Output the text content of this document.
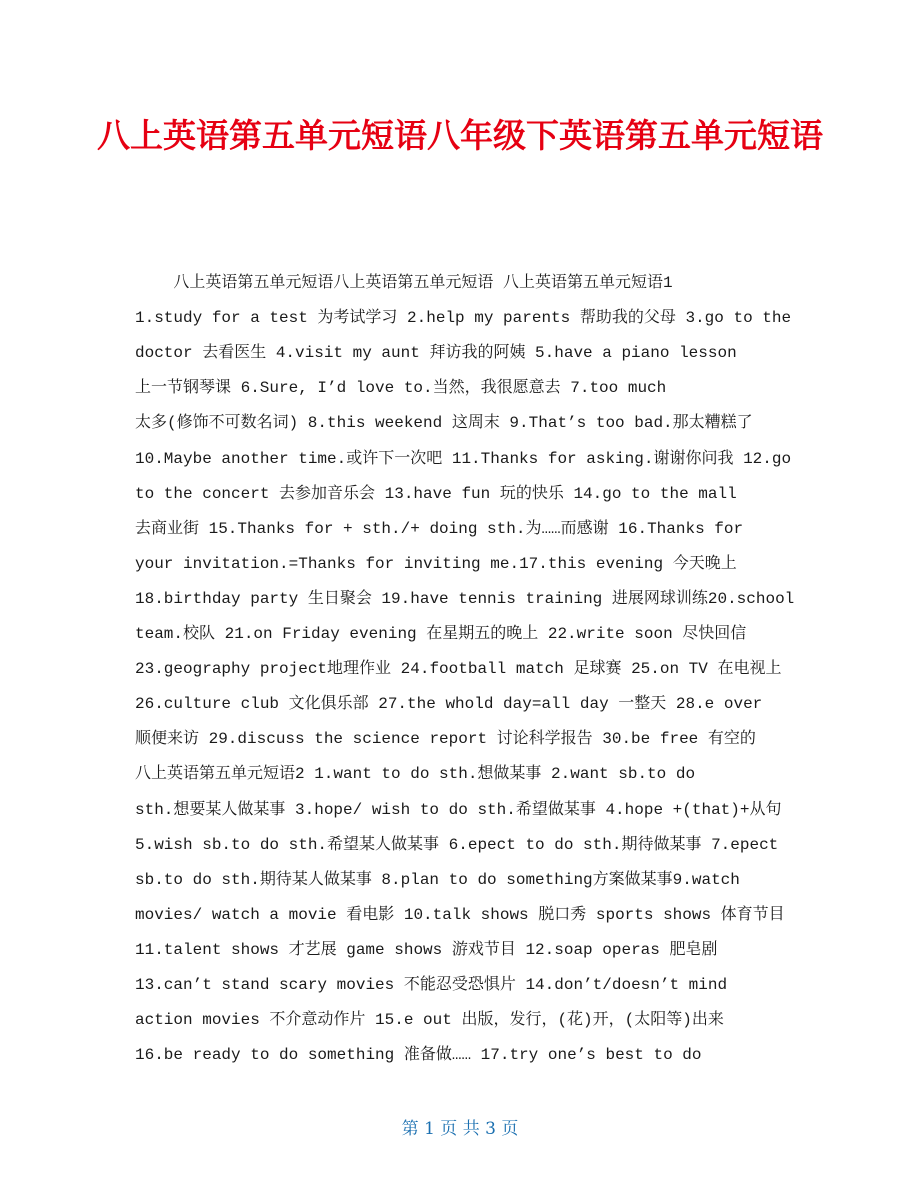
八上英语第五单元短语八年级下英语第五单元短语
八上英语第五单元短语八上英语第五单元短语 八上英语第五单元短语1
1.study for a test 为考试学习 2.help my parents 帮助我的父母 3.go to the
doctor 去看医生 4.visit my aunt 拜访我的阿姨 5.have a piano lesson
上一节钢琴课 6.Sure, I’d love to.当然，我很愿意去 7.too much
太多(修饰不可数名词) 8.this weekend 这周末 9.That’s too bad.那太糟糕了
10.Maybe another time.或许下一次吧 11.Thanks for asking.谢谢你问我 12.go
to the concert 去参加音乐会 13.have fun 玩的快乐 14.go to the mall
去商业街 15.Thanks for + sth./+ doing sth.为……而感谢 16.Thanks for
your invitation.=Thanks for inviting me.17.this evening 今天晚上
18.birthday party 生日聚会 19.have tennis training 进展网球训练20.school
team.校队 21.on Friday evening 在星期五的晚上 22.write soon 尽快回信
23.geography project地理作业 24.football match 足球赛 25.on TV 在电视上
26.culture club 文化俱乐部 27.the whold day=all day 一整天 28.e over
顺便来访 29.discuss the science report 讨论科学报告 30.be free 有空的
八上英语第五单元短语2 1.want to do sth.想做某事 2.want sb.to do
sth.想要某人做某事 3.hope/ wish to do sth.希望做某事 4.hope +(that)+从句
5.wish sb.to do sth.希望某人做某事 6.epect to do sth.期待做某事 7.epect
sb.to do sth.期待某人做某事 8.plan to do something方案做某事9.watch
movies/ watch a movie 看电影 10.talk shows 脱口秀 sports shows 体育节目
11.talent shows 才艺展 game shows 游戏节目 12.soap operas 肥皂剧
13.can’t stand scary movies 不能忍受恐惧片 14.don’t/doesn’t mind
action movies 不介意动作片 15.e out 出版，发行，(花)开，(太阳等)出来
16.be ready to do something 准备做…… 17.try one’s best to do
第 1 页 共 3 页
